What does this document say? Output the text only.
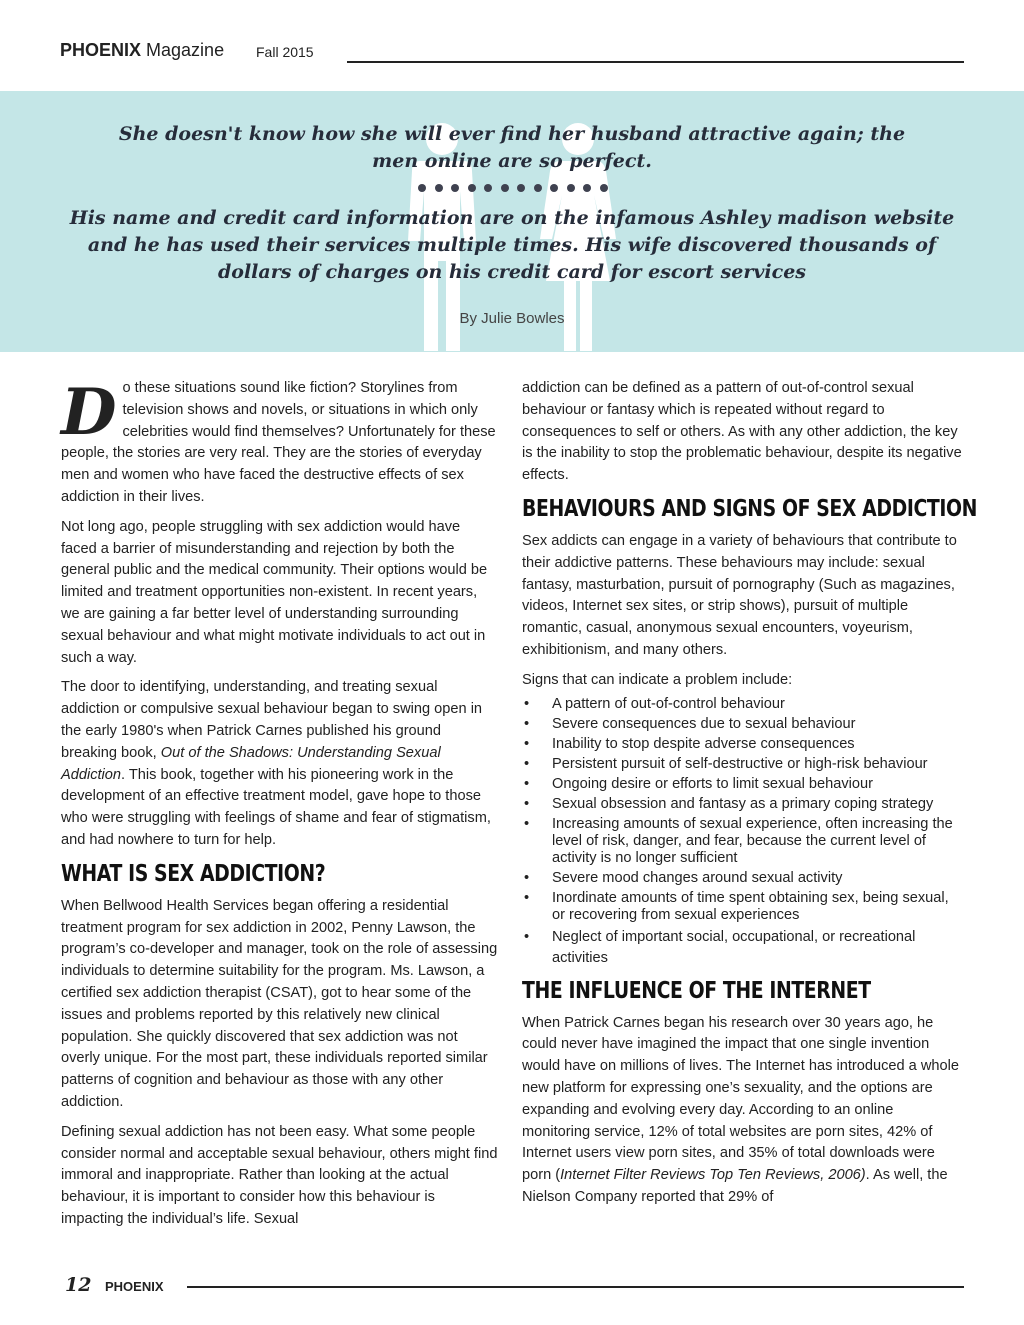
PHOENIX Magazine Fall 2015
She doesn't know how she will ever find her husband attractive again; the men online are so perfect.
His name and credit card information are on the infamous Ashley madison website and he has used their services multiple times. His wife discovered thousands of dollars of charges on his credit card for escort services
By Julie Bowles

Do these situations sound like fiction? Storylines from television shows and novels, or situations in which only celebrities would find themselves? Unfortunately for these people, the stories are very real. They are the stories of everyday men and women who have faced the destructive effects of sex addiction in their lives.

Not long ago, people struggling with sex addiction would have faced a barrier of misunderstanding and rejection by both the general public and the medical community. Their options would be limited and treatment opportunities non-existent. In recent years, we are gaining a far better level of understanding surrounding sexual behaviour and what might motivate individuals to act out in such a way.

The door to identifying, understanding, and treating sexual addiction or compulsive sexual behaviour began to swing open in the early 1980's when Patrick Carnes published his ground breaking book, Out of the Shadows: Understanding Sexual Addiction. This book, together with his pioneering work in the development of an effective treatment model, gave hope to those who were struggling with feelings of shame and fear of stigmatism, and had nowhere to turn for help.

WHAT IS SEX ADDICTION?

When Bellwood Health Services began offering a residential treatment program for sex addiction in 2002, Penny Lawson, the program’s co-developer and manager, took on the role of assessing individuals to determine suitability for the program. Ms. Lawson, a certified sex addiction therapist (CSAT), got to hear some of the issues and problems reported by this relatively new clinical population. She quickly discovered that sex addiction was not overly unique. For the most part, these individuals reported similar patterns of cognition and behaviour as those with any other addiction.

Defining sexual addiction has not been easy. What some people consider normal and acceptable sexual behaviour, others might find immoral and inappropriate. Rather than looking at the actual behaviour, it is important to consider how this behaviour is impacting the individual’s life. Sexual

addiction can be defined as a pattern of out-of-control sexual behaviour or fantasy which is repeated without regard to consequences to self or others. As with any other addiction, the key is the inability to stop the problematic behaviour, despite its negative effects.

BEHAVIOURS AND SIGNS OF SEX ADDICTION

Sex addicts can engage in a variety of behaviours that contribute to their addictive patterns. These behaviours may include: sexual fantasy, masturbation, pursuit of pornography (Such as magazines, videos, Internet sex sites, or strip shows), pursuit of multiple romantic, casual, anonymous sexual encounters, voyeurism, exhibitionism, and many others.

Signs that can indicate a problem include:

• A pattern of out-of-control behaviour
• Severe consequences due to sexual behaviour
• Inability to stop despite adverse consequences
• Persistent pursuit of self-destructive or high-risk behaviour
• Ongoing desire or efforts to limit sexual behaviour
• Sexual obsession and fantasy as a primary coping strategy
• Increasing amounts of sexual experience, often increasing the level of risk, danger, and fear, because the current level of activity is no longer sufficient
• Severe mood changes around sexual activity
• Inordinate amounts of time spent obtaining sex, being sexual, or recovering from sexual experiences
• Neglect of important social, occupational, or recreational activities
THE INFLUENCE OF THE INTERNET

When Patrick Carnes began his research over 30 years ago, he could never have imagined the impact that one single invention would have on millions of lives. The Internet has introduced a whole new platform for expressing one’s sexuality, and the options are expanding and evolving every day. According to an online monitoring service, 12% of total websites are porn sites, 42% of Internet users view porn sites, and 35% of total downloads were porn (Internet Filter Reviews Top Ten Reviews, 2006). As well, the Nielson Company reported that 29% of

12 PHOENIX
